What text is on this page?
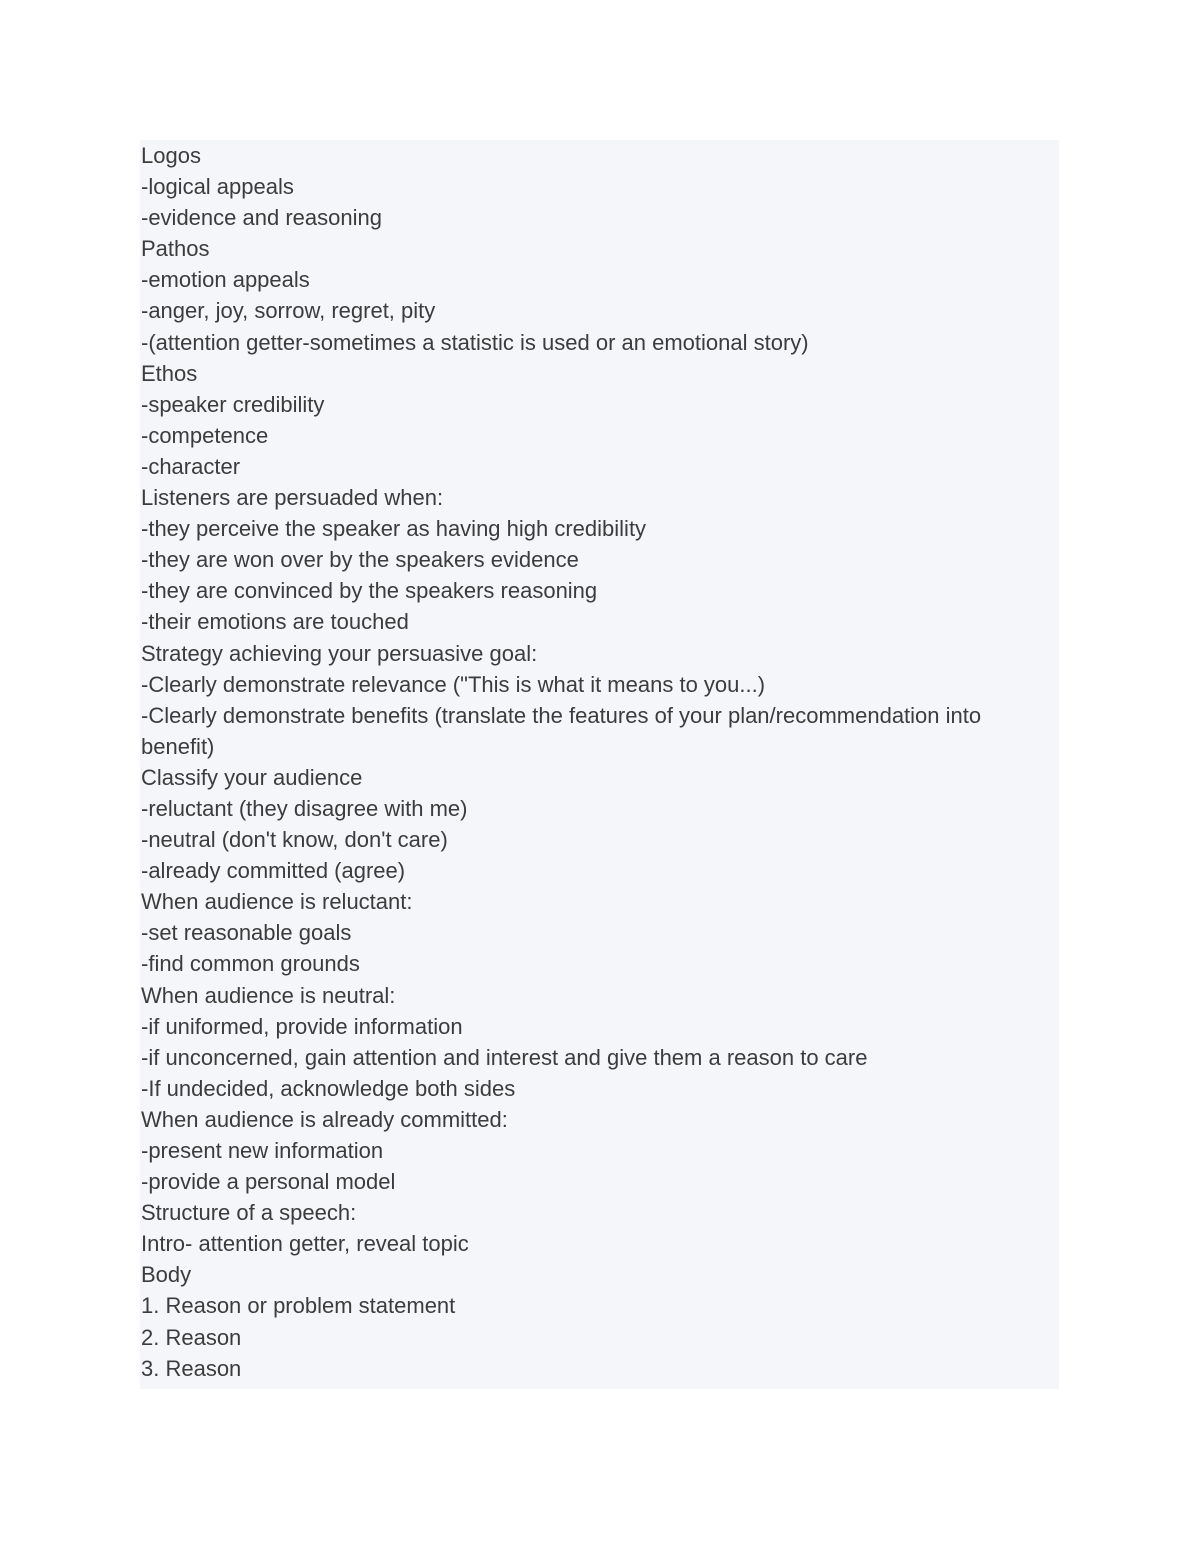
Logos
-logical appeals
-evidence and reasoning
Pathos
-emotion appeals
-anger, joy, sorrow, regret, pity
-(attention getter-sometimes a statistic is used or an emotional story)
Ethos
-speaker credibility
-competence
-character
Listeners are persuaded when:
-they perceive the speaker as having high credibility
-they are won over by the speakers evidence
-they are convinced by the speakers reasoning
-their emotions are touched
Strategy achieving your persuasive goal:
-Clearly demonstrate relevance ("This is what it means to you...)
-Clearly demonstrate benefits (translate the features of your plan/recommendation into
benefit)
Classify your audience
-reluctant (they disagree with me)
-neutral (don't know, don't care)
-already committed (agree)
When audience is reluctant:
-set reasonable goals
-find common grounds
When audience is neutral:
-if uniformed, provide information
-if unconcerned, gain attention and interest and give them a reason to care
-If undecided, acknowledge both sides
When audience is already committed:
-present new information
-provide a personal model
Structure of a speech:
Intro- attention getter, reveal topic
Body
1. Reason or problem statement
2. Reason
3. Reason
